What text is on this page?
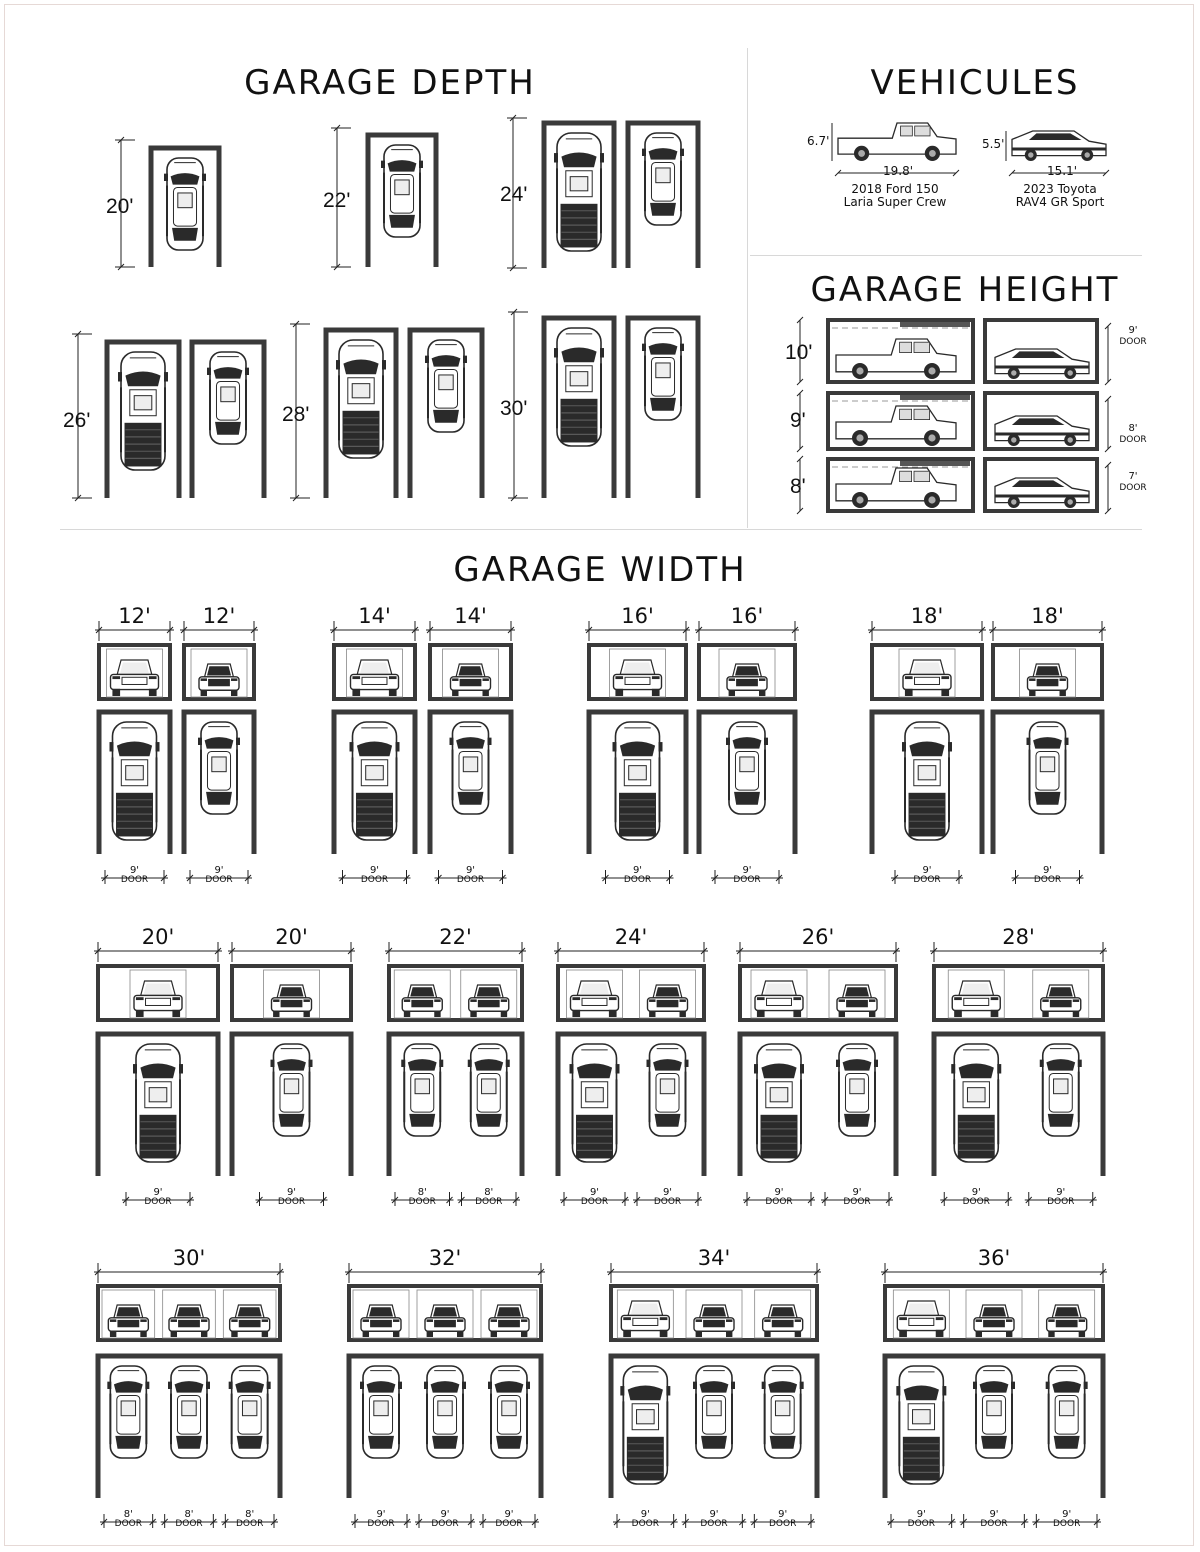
GARAGE DEPTH	VEHICULES
GARAGE HEIGHT
GARAGE WIDTH
2018 Ford 150
Laria Super Crew
2023 Toyota
RAV4 GR Sport
6.7'
19.8'
5.5'
15.1'
20'	22'	24'
26'	28'	30'
10'
9'
8'
9'
DOOR
8'
DOOR
7'
DOOR
12'
9'
DOOR
12'
9'
DOOR
14'
9'
DOOR
14'
9'
DOOR
16'
9'
DOOR
16'
9'
DOOR
18'
9'
DOOR
18'
9'
DOOR
20'
9'
DOOR
20'
9'
DOOR
22'
8'
DOOR
8'
DOOR
24'
9'
DOOR
9'
DOOR
26'
9'
DOOR
9'
DOOR
28'
9'
DOOR
9'
DOOR
30'
8'
DOOR
8'
DOOR
8'
DOOR
32'
9'
DOOR
9'
DOOR
9'
DOOR
34'
9'
DOOR
9'
DOOR
9'
DOOR
36'
9'
DOOR
9'
DOOR
9'
DOOR
